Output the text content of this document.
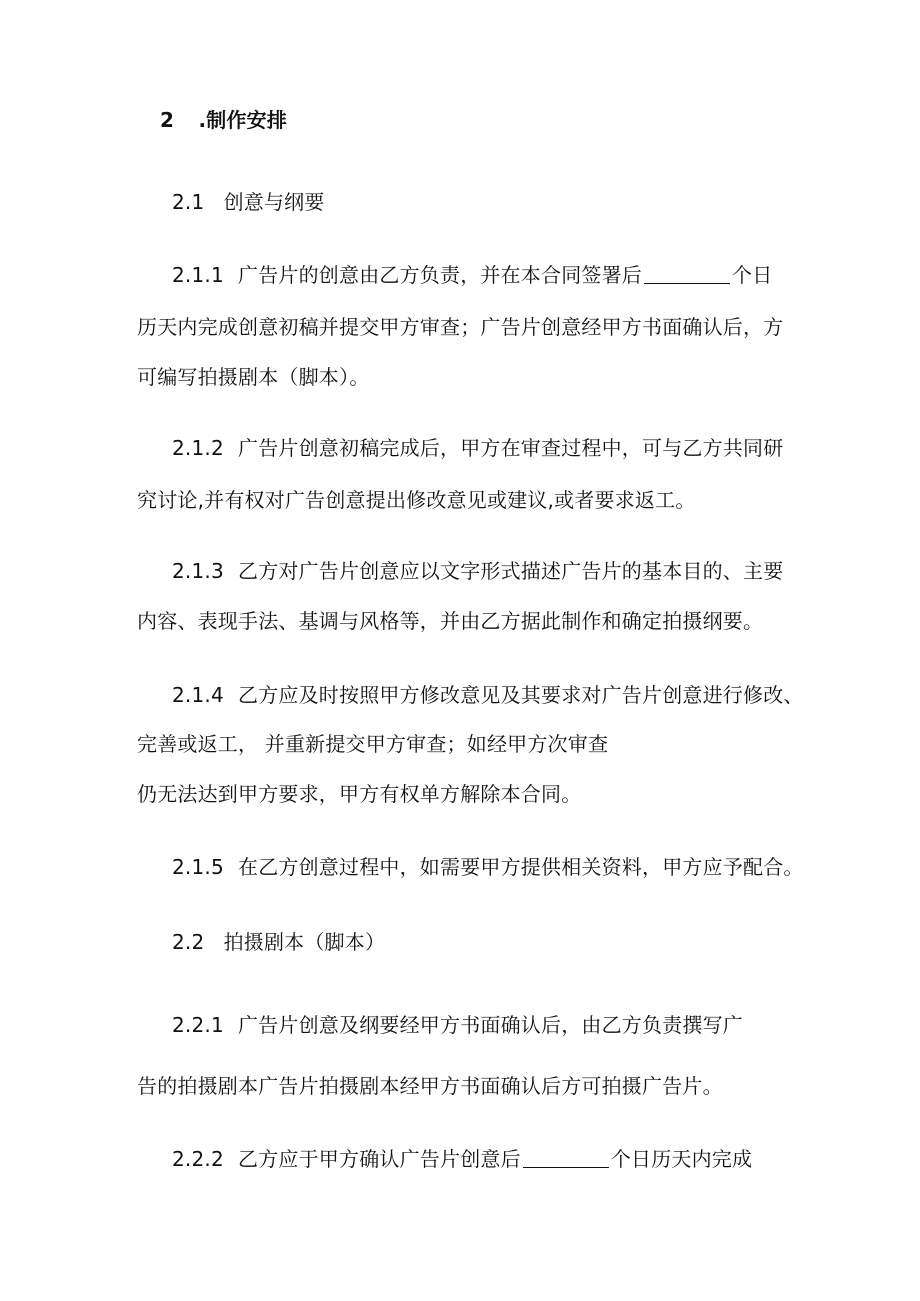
2 .制作安排
2.1 创意与纲要
2.1.1 广告片的创意由乙方负责，并在本合同签署后	个日
历天内完成创意初稿并提交甲方审查；广告片创意经甲方书面确认后，方
可编写拍摄剧本（脚本）。
2.1.2 广告片创意初稿完成后，甲方在审查过程中，可与乙方共同研
究讨论,并有权对广告创意提出修改意见或建议,或者要求返工。
2.1.3 乙方对广告片创意应以文字形式描述广告片的基本目的、主要
内容、表现手法、基调与风格等，并由乙方据此制作和确定拍摄纲要。
2.1.4 乙方应及时按照甲方修改意见及其要求对广告片创意进行修改、
完善或返工， 并重新提交甲方审查；如经甲方次审查
仍无法达到甲方要求，甲方有权单方解除本合同。
2.1.5 在乙方创意过程中，如需要甲方提供相关资料，甲方应予配合。
2.2 拍摄剧本（脚本）
2.2.1 广告片创意及纲要经甲方书面确认后，由乙方负责撰写广
告的拍摄剧本广告片拍摄剧本经甲方书面确认后方可拍摄广告片。
2.2.2 乙方应于甲方确认广告片创意后	个日历天内完成
